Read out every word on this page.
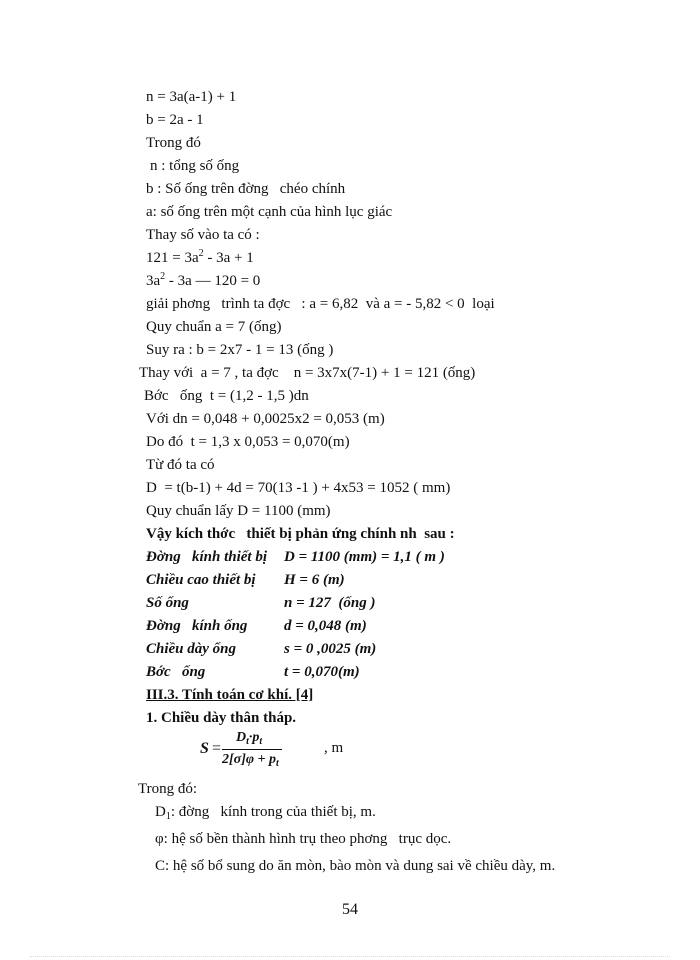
n = 3a(a-1) + 1
b = 2a - 1
Trong đó
n : tổng số ống
b : Số ống trên đờng   chéo chính
a: số ống trên một cạnh của hình lục giác
Thay số vào ta có :
$121 = 3a^2 - 3a + 1$
$3a^2 - 3a$ — 120 = 0
giải phơng   trình ta đợc   : a = 6,82  và a = - 5,82 < 0  loại
Quy chuẩn a = 7 (ống)
Suy ra : b = 2x7 - 1 = 13 (ống )
Thay với  a = 7 , ta đợc    n = 3x7x(7-1) + 1 = 121 (ống)
Bớc   ống  t = (1,2 - 1,5 )dn
Với dn = 0,048 + 0,0025x2 = 0,053 (m)
Do đó  t = 1,3 x 0,053 = 0,070(m)
Từ đó ta có
D  = t(b-1) + 4d = 70(13 -1 ) + 4x53 = 1052 ( mm)
Quy chuẩn lấy D = 1100 (mm)
Vậy kích thớc   thiết bị phản ứng chính nh  sau :
Đờng   kính thiết bị D = 1100 (mm) = 1,1 ( m )
Chiều cao thiết bị H = 6 (m)
Số ống	n = 127  (ống )
Đờng   kính ống d = 0,048 (m)
Chiều dày ống	s = 0 ,0025 (m)
Bớc   ống	t = 0,070(m)
III.3. Tính toán cơ khí. [4]
1. Chiều dày thân tháp.
S =
$D_t\cdot p_t$
$2[\sigma]\varphi + p_t$
, m
Trong đó:
$D_1$: đờng   kính trong của thiết bị, m.
φ: hệ số bền thành hình trụ theo phơng   trục dọc.
C: hệ số bổ sung do ăn mòn, bào mòn và dung sai về chiều dày, m.
54
